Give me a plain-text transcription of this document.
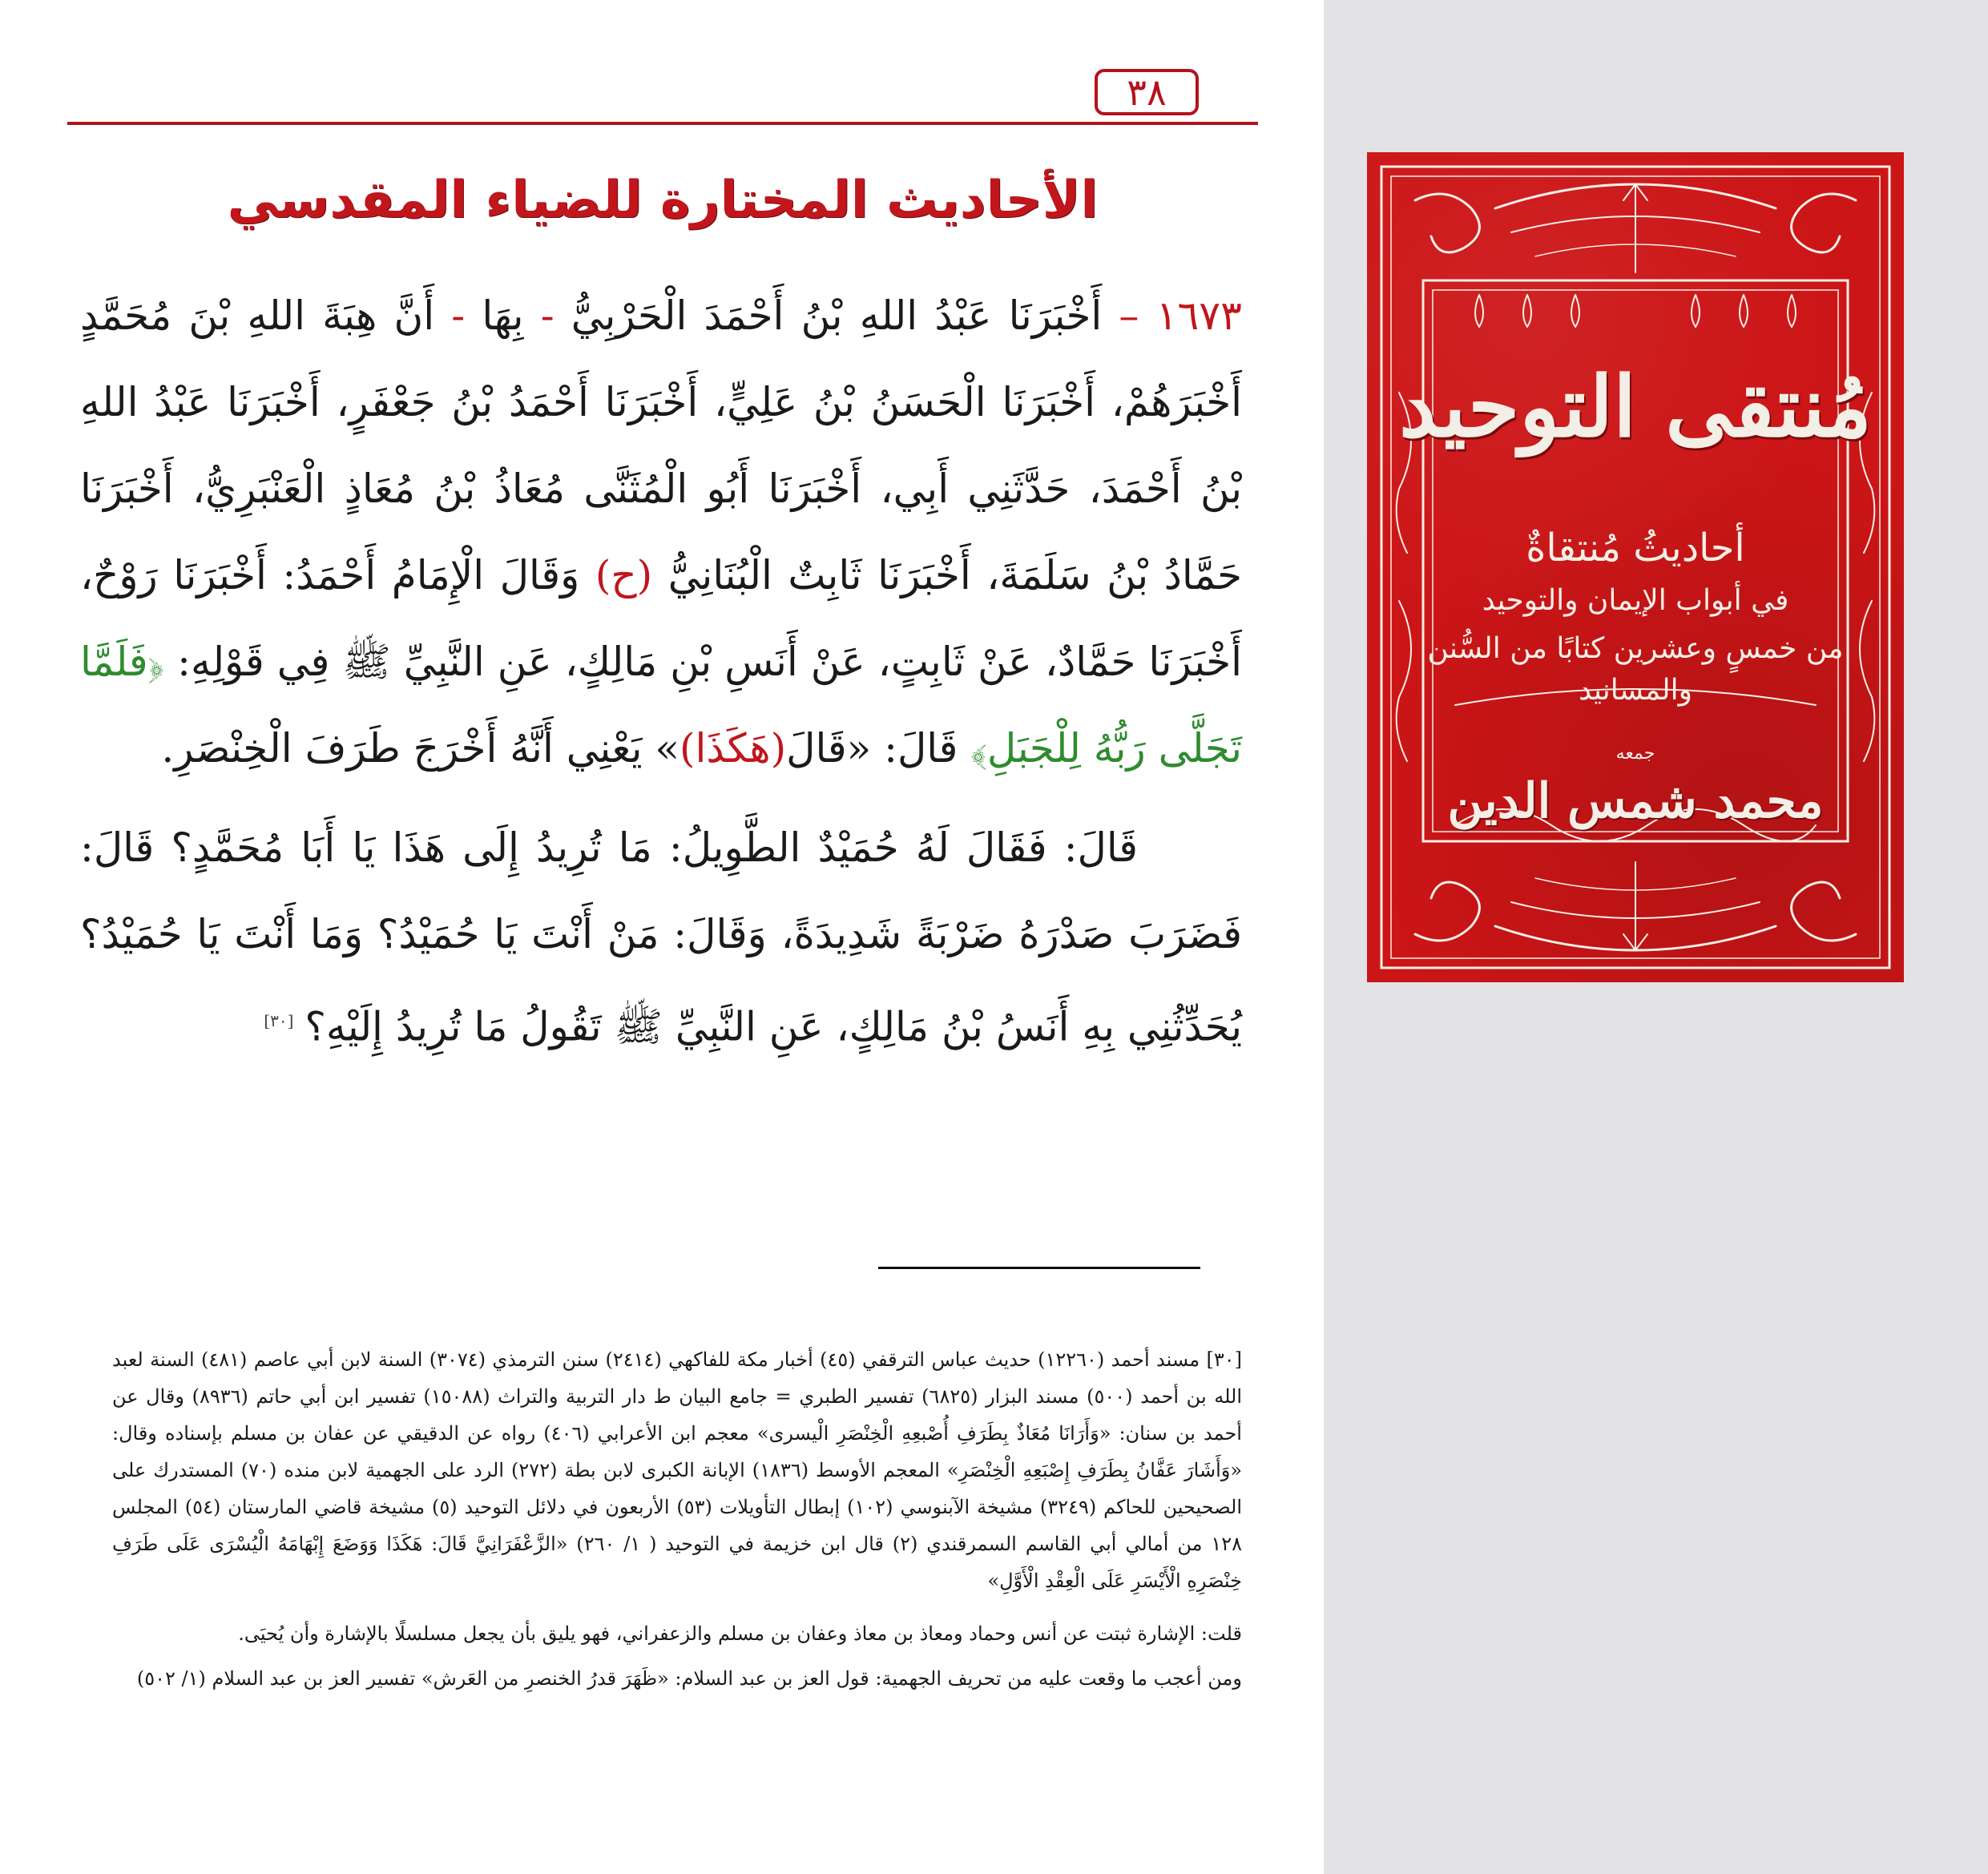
٣٨
الأحاديث المختارة للضياء المقدسي

١٦٧٣ – أَخْبَرَنَا عَبْدُ اللهِ بْنُ أَحْمَدَ الْحَرْبِيُّ - بِهَا - أَنَّ هِبَةَ اللهِ بْنَ مُحَمَّدٍ أَخْبَرَهُمْ، أَخْبَرَنَا الْحَسَنُ بْنُ عَلِيٍّ، أَخْبَرَنَا أَحْمَدُ بْنُ جَعْفَرٍ، أَخْبَرَنَا عَبْدُ اللهِ بْنُ أَحْمَدَ، حَدَّثَنِي أَبِي، أَخْبَرَنَا أَبُو الْمُثَنَّى مُعَاذُ بْنُ مُعَاذٍ الْعَنْبَرِيُّ، أَخْبَرَنَا حَمَّادُ بْنُ سَلَمَةَ، أَخْبَرَنَا ثَابِتٌ الْبُنَانِيُّ (ح) وَقَالَ الْإِمَامُ أَحْمَدُ: أَخْبَرَنَا رَوْحٌ، أَخْبَرَنَا حَمَّادٌ، عَنْ ثَابِتٍ، عَنْ أَنَسِ بْنِ مَالِكٍ، عَنِ النَّبِيِّ ﷺ فِي قَوْلِهِ: ﴿فَلَمَّا تَجَلَّى رَبُّهُ لِلْجَبَلِ﴾ قَالَ: «قَالَ(هَكَذَا)» يَعْنِي أَنَّهُ أَخْرَجَ طَرَفَ الْخِنْصَرِ.

قَالَ: فَقَالَ لَهُ حُمَيْدٌ الطَّوِيلُ: مَا تُرِيدُ إِلَى هَذَا يَا أَبَا مُحَمَّدٍ؟ قَالَ: فَضَرَبَ صَدْرَهُ ضَرْبَةً شَدِيدَةً، وَقَالَ: مَنْ أَنْتَ يَا حُمَيْدُ؟ وَمَا أَنْتَ يَا حُمَيْدُ؟ يُحَدِّثُنِي بِهِ أَنَسُ بْنُ مَالِكٍ، عَنِ النَّبِيِّ ﷺ تَقُولُ مَا تُرِيدُ إِلَيْهِ؟[٣٠]

[٣٠] مسند أحمد (١٢٢٦٠) حديث عباس الترقفي (٤٥) أخبار مكة للفاكهي (٢٤١٤) سنن الترمذي (٣٠٧٤) السنة لابن أبي عاصم (٤٨١) السنة لعبد الله بن أحمد (٥٠٠) مسند البزار (٦٨٢٥) تفسير الطبري = جامع البيان ط دار التربية والتراث (١٥٠٨٨) تفسير ابن أبي حاتم (٨٩٣٦) وقال عن أحمد بن سنان: «وَأَرَانَا مُعَاذٌ بِطَرَفِ أُصْبعِهِ الْخِنْصَرِ الْيسرى» معجم ابن الأعرابي (٤٠٦) رواه عن الدقيقي عن عفان بن مسلم بإسناده وقال: «وَأَشَارَ عَفَّانُ بِطَرَفِ إِصْبَعِهِ الْخِنْصَرِ» المعجم الأوسط (١٨٣٦) الإبانة الكبرى لابن بطة (٢٧٢) الرد على الجهمية لابن منده (٧٠) المستدرك على الصحيحين للحاكم (٣٢٤٩) مشيخة الآبنوسي (١٠٢) إبطال التأويلات (٥٣) الأربعون في دلائل التوحيد (٥) مشيخة قاضي المارستان (٥٤) المجلس ١٢٨ من أمالي أبي القاسم السمرقندي (٢) قال ابن خزيمة في التوحيد ( ١/ ٢٦٠) «الزَّعْفَرَانِيَّ قَالَ: هَكَذَا وَوَضَعَ إِبْهَامَهُ الْيُسْرَى عَلَى طَرَفِ خِنْصَرِهِ الْأَيْسَرِ عَلَى الْعِقْدِ الْأَوَّلِ»

قلت: الإشارة ثبتت عن أنس وحماد ومعاذ بن معاذ وعفان بن مسلم والزعفراني، فهو يليق بأن يجعل مسلسلًا بالإشارة وأن يُحيَى.

ومن أعجب ما وقعت عليه من تحريف الجهمية: قول العز بن عبد السلام: «ظَهَرَ قدرُ الخنصرِ من العَرش» تفسير العز بن عبد السلام (١/ ٥٠٢)

مُنتقى التوحيد
أحاديثُ مُنتقاةٌ
في أبواب الإيمان والتوحيد
من خمسٍ وعشرين كتابًا من السُّنن والمسانيد
جمعه
محمد شمس الدين
